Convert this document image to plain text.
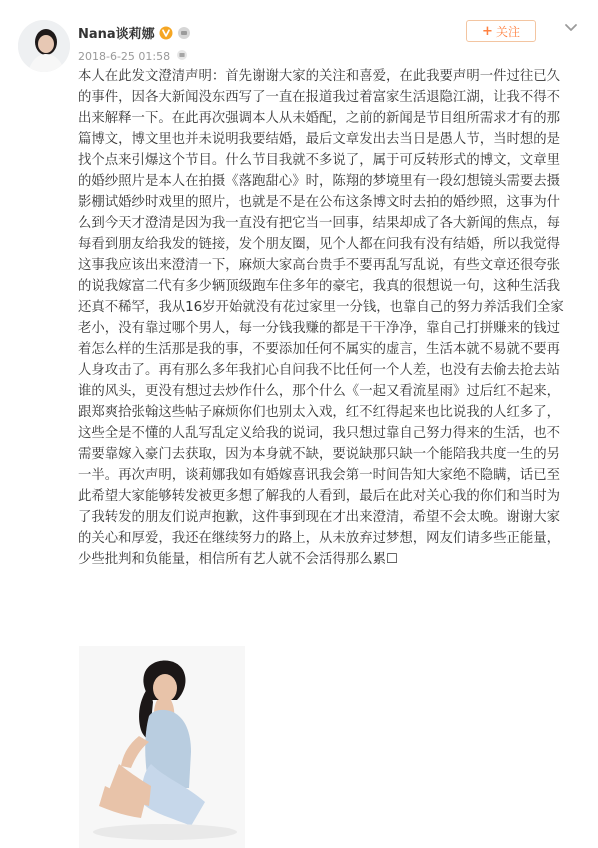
Nana谈莉娜
2018-6-25 01:58
+ 关注

本人在此发文澄清声明：首先谢谢大家的关注和喜爱，在此我要声明一件过往已久的事件，因各大新闻没东西写了一直在报道我过着富家生活退隐江湖，让我不得不出来解释一下。在此再次强调本人从未婚配，之前的新闻是节目组所需求才有的那篇博文，博文里也并未说明我要结婚，最后文章发出去当日是愚人节，当时想的是找个点来引爆这个节目。什么节目我就不多说了，属于可反转形式的博文，文章里的婚纱照片是本人在拍摄《落跑甜心》时，陈翔的梦境里有一段幻想镜头需要去摄影棚试婚纱时戏里的照片，也就是不是在公布这条博文时去拍的婚纱照，这事为什么到今天才澄清是因为我一直没有把它当一回事，结果却成了各大新闻的焦点，每每看到朋友给我发的链接，发个朋友圈，见个人都在问我有没有结婚，所以我觉得这事我应该出来澄清一下，麻烦大家高台贵手不要再乱写乱说，有些文章还很夸张的说我嫁富二代有多少辆顶级跑车住多年的豪宅，我真的很想说一句，这种生活我还真不稀罕，我从16岁开始就没有花过家里一分钱，也靠自己的努力养活我们全家老小，没有靠过哪个男人，每一分钱我赚的都是干干净净，靠自己打拼赚来的钱过着怎么样的生活那是我的事，不要添加任何不属实的虚言，生活本就不易就不要再人身攻击了。再有那么多年我扪心自问我不比任何一个人差，也没有去偷去抢去站谁的风头，更没有想过去炒作什么，那个什么《一起又看流星雨》过后红不起来，跟郑爽拾张翰这些帖子麻烦你们也别太入戏，红不红得起来也比说我的人红多了，这些全是不懂的人乱写乱定义给我的说词，我只想过靠自己努力得来的生活，也不需要靠嫁入豪门去获取，因为本身就不缺，要说缺那只缺一个能陪我共度一生的另一半。再次声明，谈莉娜我如有婚嫁喜讯我会第一时间告知大家绝不隐瞒，话已至此希望大家能够转发被更多想了解我的人看到，最后在此对关心我的你们和当时为了我转发的朋友们说声抱歉，这件事到现在才出来澄清，希望不会太晚。谢谢大家的关心和厚爱，我还在继续努力的路上，从未放弃过梦想，网友们请多些正能量，少些批判和负能量，相信所有艺人就不会活得那么累☐
